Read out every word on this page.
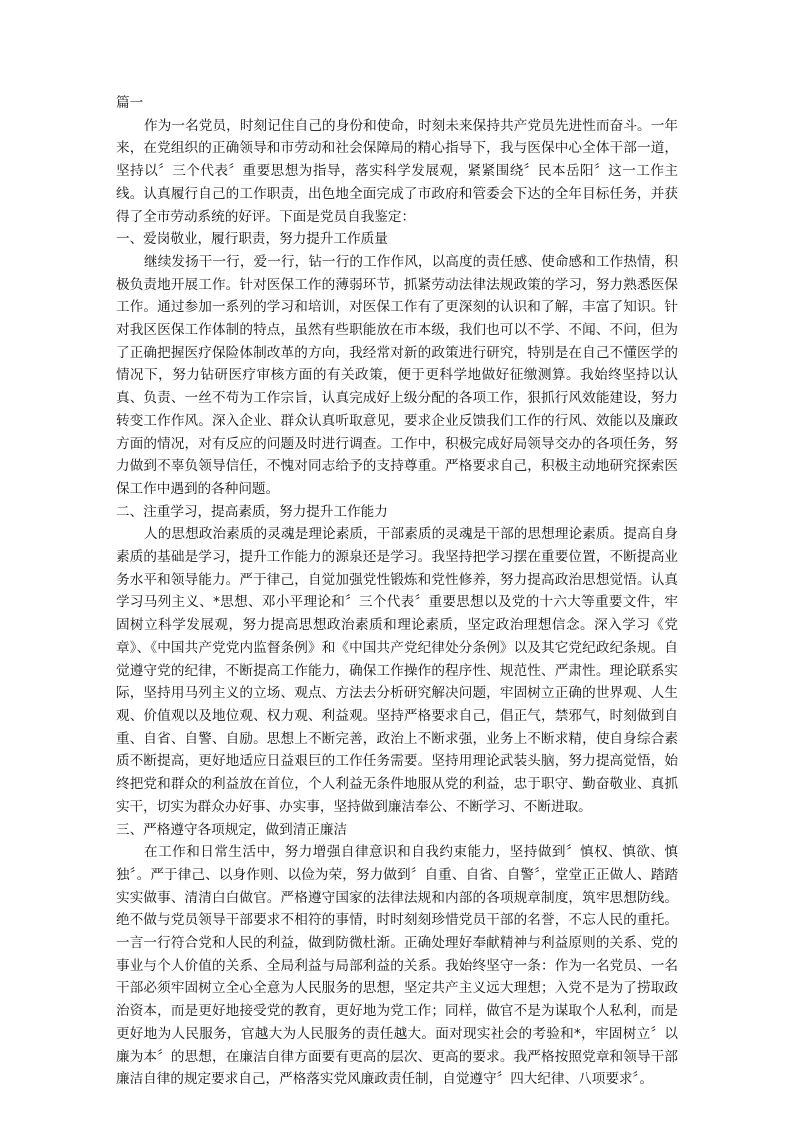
篇一

作为一名党员，时刻记住自己的身份和使命，时刻未来保持共产党员先进性而奋斗。一年来，在党组织的正确领导和市劳动和社会保障局的精心指导下，我与医保中心全体干部一道，坚持以〞三个代表〞重要思想为指导，落实科学发展观，紧紧围绕〞民本岳阳〞这一工作主线。认真履行自己的工作职责，出色地全面完成了市政府和管委会下达的全年目标任务，并获得了全市劳动系统的好评。下面是党员自我鉴定：

一、爱岗敬业，履行职责，努力提升工作质量

继续发扬干一行，爱一行，钻一行的工作作风，以高度的责任感、使命感和工作热情，积极负责地开展工作。针对医保工作的薄弱环节，抓紧劳动法律法规政策的学习，努力熟悉医保工作。通过参加一系列的学习和培训，对医保工作有了更深刻的认识和了解，丰富了知识。针对我区医保工作体制的特点，虽然有些职能放在市本级，我们也可以不学、不闻、不问，但为了正确把握医疗保险体制改革的方向，我经常对新的政策进行研究，特别是在自己不懂医学的情况下，努力钻研医疗审核方面的有关政策，便于更科学地做好征缴测算。我始终坚持以认真、负责、一丝不苟为工作宗旨，认真完成好上级分配的各项工作，狠抓行风效能建设，努力转变工作作风。深入企业、群众认真听取意见，要求企业反馈我们工作的行风、效能以及廉政方面的情况，对有反应的问题及时进行调查。工作中，积极完成好局领导交办的各项任务，努力做到不辜负领导信任，不愧对同志给予的支持尊重。严格要求自己，积极主动地研究探索医保工作中遇到的各种问题。

二、注重学习，提高素质，努力提升工作能力

人的思想政治素质的灵魂是理论素质，干部素质的灵魂是干部的思想理论素质。提高自身素质的基础是学习，提升工作能力的源泉还是学习。我坚持把学习摆在重要位置，不断提高业务水平和领导能力。严于律己，自觉加强党性锻炼和党性修养，努力提高政治思想觉悟。认真学习马列主义、*思想、邓小平理论和〞三个代表〞重要思想以及党的十六大等重要文件，牢固树立科学发展观，努力提高思想政治素质和理论素质，坚定政治理想信念。深入学习《党章》、《中国共产党党内监督条例》和《中国共产党纪律处分条例》以及其它党纪政纪条规。自觉遵守党的纪律，不断提高工作能力，确保工作操作的程序性、规范性、严肃性。理论联系实际，坚持用马列主义的立场、观点、方法去分析研究解决问题，牢固树立正确的世界观、人生观、价值观以及地位观、权力观、利益观。坚持严格要求自己，倡正气，禁邪气，时刻做到自重、自省、自警、自励。思想上不断完善，政治上不断求强，业务上不断求精，使自身综合素质不断提高，更好地适应日益艰巨的工作任务需要。坚持用理论武装头脑，努力提高觉悟，始终把党和群众的利益放在首位，个人利益无条件地服从党的利益，忠于职守、勤奋敬业、真抓实干，切实为群众办好事、办实事，坚持做到廉洁奉公、不断学习、不断进取。

三、严格遵守各项规定，做到清正廉洁

在工作和日常生活中，努力增强自律意识和自我约束能力，坚持做到〞慎权、慎欲、慎独〞。严于律己、以身作则、以俭为荣，努力做到〞自重、自省、自警〞，堂堂正正做人、踏踏实实做事、清清白白做官。严格遵守国家的法律法规和内部的各项规章制度，筑牢思想防线。绝不做与党员领导干部要求不相符的事情，时时刻刻珍惜党员干部的名誉，不忘人民的重托。一言一行符合党和人民的利益，做到防微杜渐。正确处理好奉献精神与利益原则的关系、党的事业与个人价值的关系、全局利益与局部利益的关系。我始终坚守一条：作为一名党员、一名干部必须牢固树立全心全意为人民服务的思想，坚定共产主义远大理想；入党不是为了捞取政治资本，而是更好地接受党的教育，更好地为党工作；同样，做官不是为谋取个人私利，而是更好地为人民服务，官越大为人民服务的责任越大。面对现实社会的考验和*，牢固树立〞以廉为本〞的思想，在廉洁自律方面要有更高的层次、更高的要求。我严格按照党章和领导干部廉洁自律的规定要求自己，严格落实党风廉政责任制，自觉遵守〞四大纪律、八项要求〞。
